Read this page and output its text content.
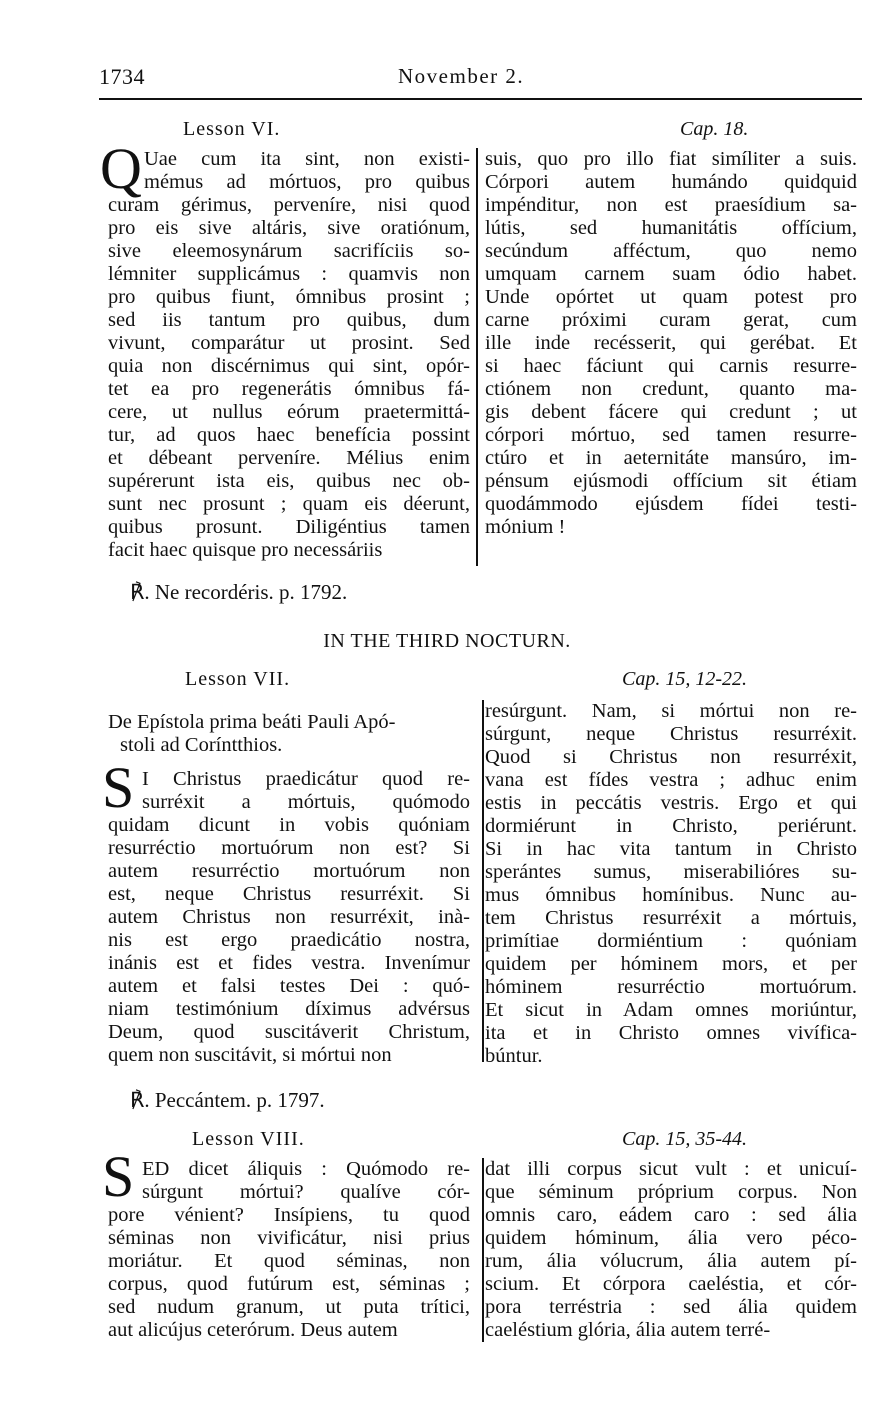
1734	November 2.
Lesson VI.	Cap. 18.
Q Uae cum ita sint, non existi-
mémus ad mórtuos, pro quibus
curam gérimus, perveníre, nisi quod
pro eis sive altáris, sive oratiónum,
sive eleemosynárum sacrifíciis so-
lémniter supplicámus : quamvis non
pro quibus fiunt, ómnibus prosint ;
sed iis tantum pro quibus, dum
vivunt, comparátur ut prosint. Sed
quia non discérnimus qui sint, opór-
tet ea pro regenerátis ómnibus fá-
cere, ut nullus eórum praetermittá-
tur, ad quos haec benefícia possint
et débeant perveníre. Mélius enim
supérerunt ista eis, quibus nec ob-
sunt nec prosunt ; quam eis déerunt,
quibus prosunt. Diligéntius tamen
facit haec quisque pro necessáriis
suis, quo pro illo fiat simíliter a suis.
Córpori autem humándo quidquid
impénditur, non est praesídium sa-
lútis, sed humanitátis offícium,
secúndum afféctum, quo nemo
umquam carnem suam ódio habet.
Unde opórtet ut quam potest pro
carne próximi curam gerat, cum
ille inde recésserit, qui gerébat. Et
si haec fáciunt qui carnis resurre-
ctiónem non credunt, quanto ma-
gis debent fácere qui credunt ; ut
córpori mórtuo, sed tamen resurre-
ctúro et in aeternitáte mansúro, im-
pénsum ejúsmodi offícium sit étiam
quodámmodo ejúsdem fídei testi-
mónium !
℟. Ne recordéris. p. 1792.
IN THE THIRD NOCTURN.
Lesson VII.	Cap. 15, 12-22.
De Epístola prima beáti Pauli Apó-
stoli ad Coríntthios.
S I Christus praedicátur quod re-
surréxit a mórtuis, quómodo
quidam dicunt in vobis quóniam
resurréctio mortuórum non est? Si
autem resurréctio mortuórum non
est, neque Christus resurréxit. Si
autem Christus non resurréxit, inà-
nis est ergo praedicátio nostra,
inánis est et fides vestra. Invenímur
autem et falsi testes Dei : quó-
niam testimónium díximus advérsus
Deum, quod suscitáverit Christum,
quem non suscitávit, si mórtui non
resúrgunt. Nam, si mórtui non re-
súrgunt, neque Christus resurréxit.
Quod si Christus non resurréxit,
vana est fídes vestra ; adhuc enim
estis in peccátis vestris. Ergo et qui
dormiérunt in Christo, periérunt.
Si in hac vita tantum in Christo
sperántes sumus, miserabilióres su-
mus ómnibus homínibus. Nunc au-
tem Christus resurréxit a mórtuis,
primítiae dormiéntium : quóniam
quidem per hóminem mors, et per
hóminem resurréctio mortuórum.
Et sicut in Adam omnes moriúntur,
ita et in Christo omnes vivífica-
búntur.
℟. Peccántem. p. 1797.
Lesson VIII.	Cap. 15, 35-44.
S ED dicet áliquis : Quómodo re-
súrgunt mórtui? qualíve cór-
pore vénient? Insípiens, tu quod
séminas non vivificátur, nisi prius
moriátur. Et quod séminas, non
corpus, quod futúrum est, séminas ;
sed nudum granum, ut puta trítici,
aut alicújus ceterórum. Deus autem
dat illi corpus sicut vult : et unicuí-
que séminum próprium corpus. Non
omnis caro, eádem caro : sed ália
quidem hóminum, ália vero péco-
rum, ália vólucrum, ália autem pí-
scium. Et córpora caeléstia, et cór-
pora terréstria : sed ália quidem
caeléstium glória, ália autem terré-
